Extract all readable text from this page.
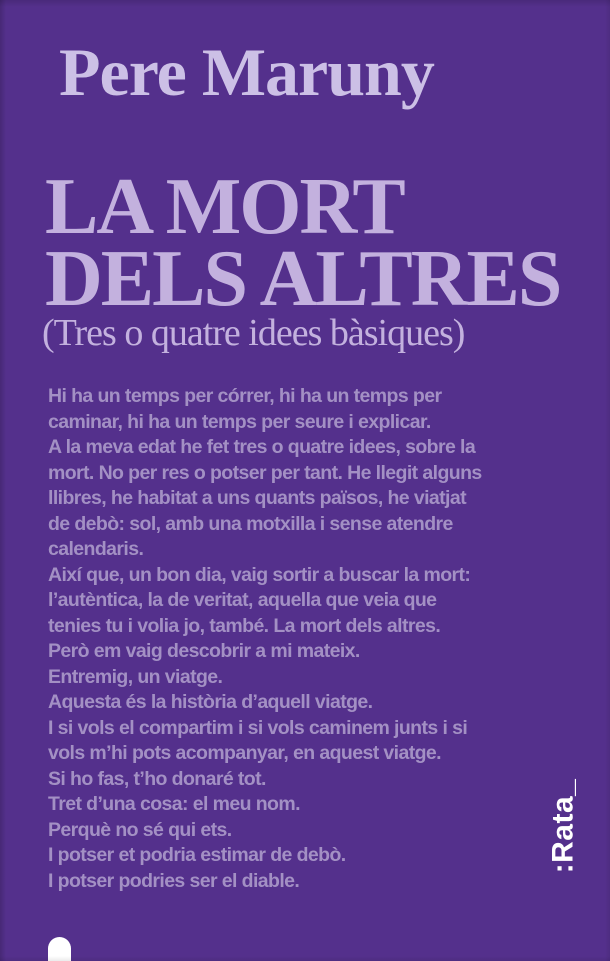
Pere Maruny
LA MORT
DELS ALTRES
(Tres o quatre idees bàsiques)
Hi ha un temps per córrer, hi ha un temps per
caminar, hi ha un temps per seure i explicar.
A la meva edat he fet tres o quatre idees, sobre la
mort. No per res o potser per tant. He llegit alguns
llibres, he habitat a uns quants països, he viatjat
de debò: sol, amb una motxilla i sense atendre
calendaris.
Així que, un bon dia, vaig sortir a buscar la mort:
l’autèntica, la de veritat, aquella que veia que
tenies tu i volia jo, també. La mort dels altres.
Però em vaig descobrir a mi mateix.
Entremig, un viatge.
Aquesta és la història d’aquell viatge.
I si vols el compartim i si vols caminem junts i si
vols m’hi pots acompanyar, en aquest viatge.
Si ho fas, t’ho donaré tot.
Tret d’una cosa: el meu nom.
Perquè no sé qui ets.
I potser et podria estimar de debò.
I potser podries ser el diable.
:Rata_
